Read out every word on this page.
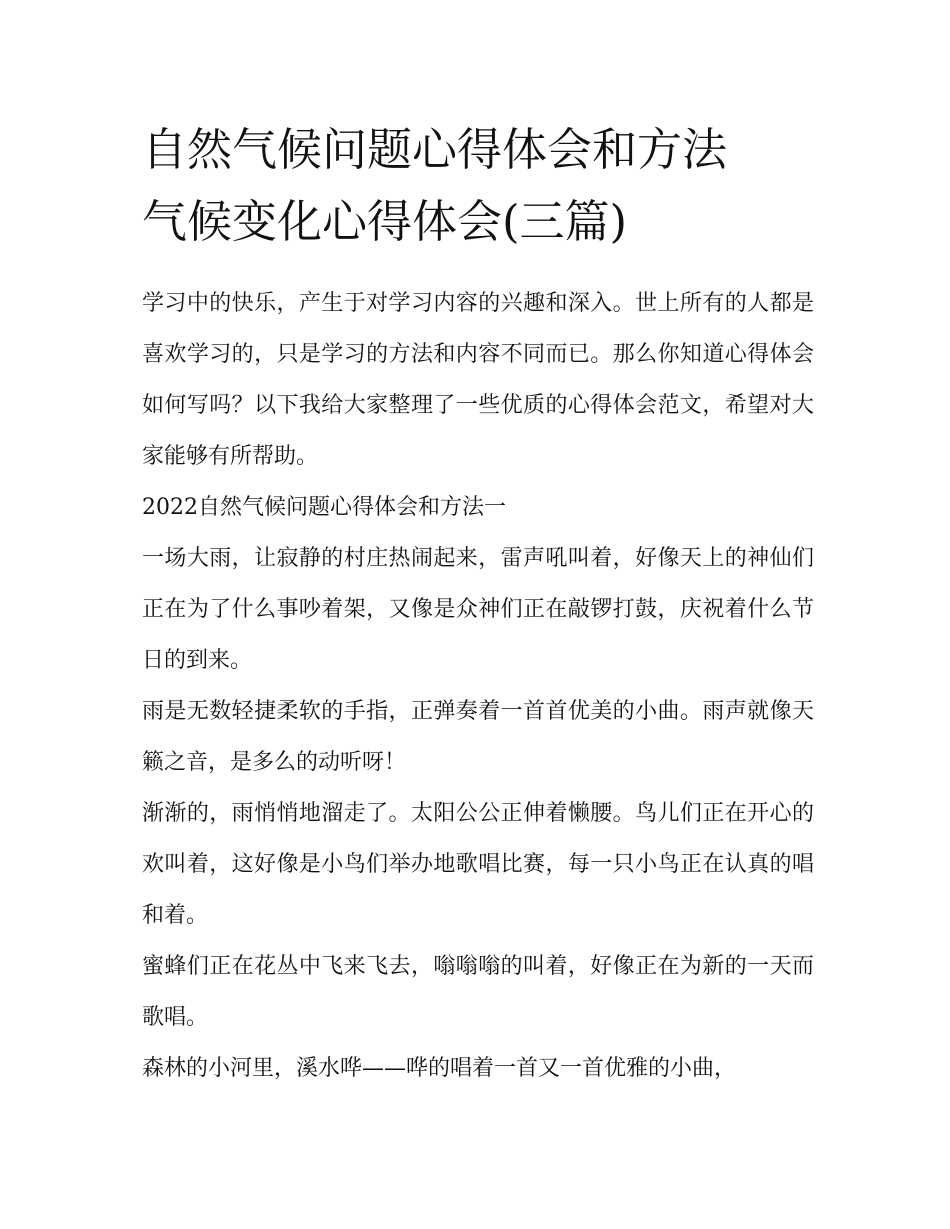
自然气候问题心得体会和方法
气候变化心得体会(三篇)

学习中的快乐，产生于对学习内容的兴趣和深入。世上所有的人都是喜欢学习的，只是学习的方法和内容不同而已。那么你知道心得体会如何写吗？以下我给大家整理了一些优质的心得体会范文，希望对大家能够有所帮助。

2022自然气候问题心得体会和方法一

一场大雨，让寂静的村庄热闹起来，雷声吼叫着，好像天上的神仙们正在为了什么事吵着架，又像是众神们正在敲锣打鼓，庆祝着什么节日的到来。

雨是无数轻捷柔软的手指，正弹奏着一首首优美的小曲。雨声就像天籁之音，是多么的动听呀！

渐渐的，雨悄悄地溜走了。太阳公公正伸着懒腰。鸟儿们正在开心的欢叫着，这好像是小鸟们举办地歌唱比赛，每一只小鸟正在认真的唱和着。

蜜蜂们正在花丛中飞来飞去，嗡嗡嗡的叫着，好像正在为新的一天而歌唱。

森林的小河里，溪水哗——哗的唱着一首又一首优雅的小曲，
